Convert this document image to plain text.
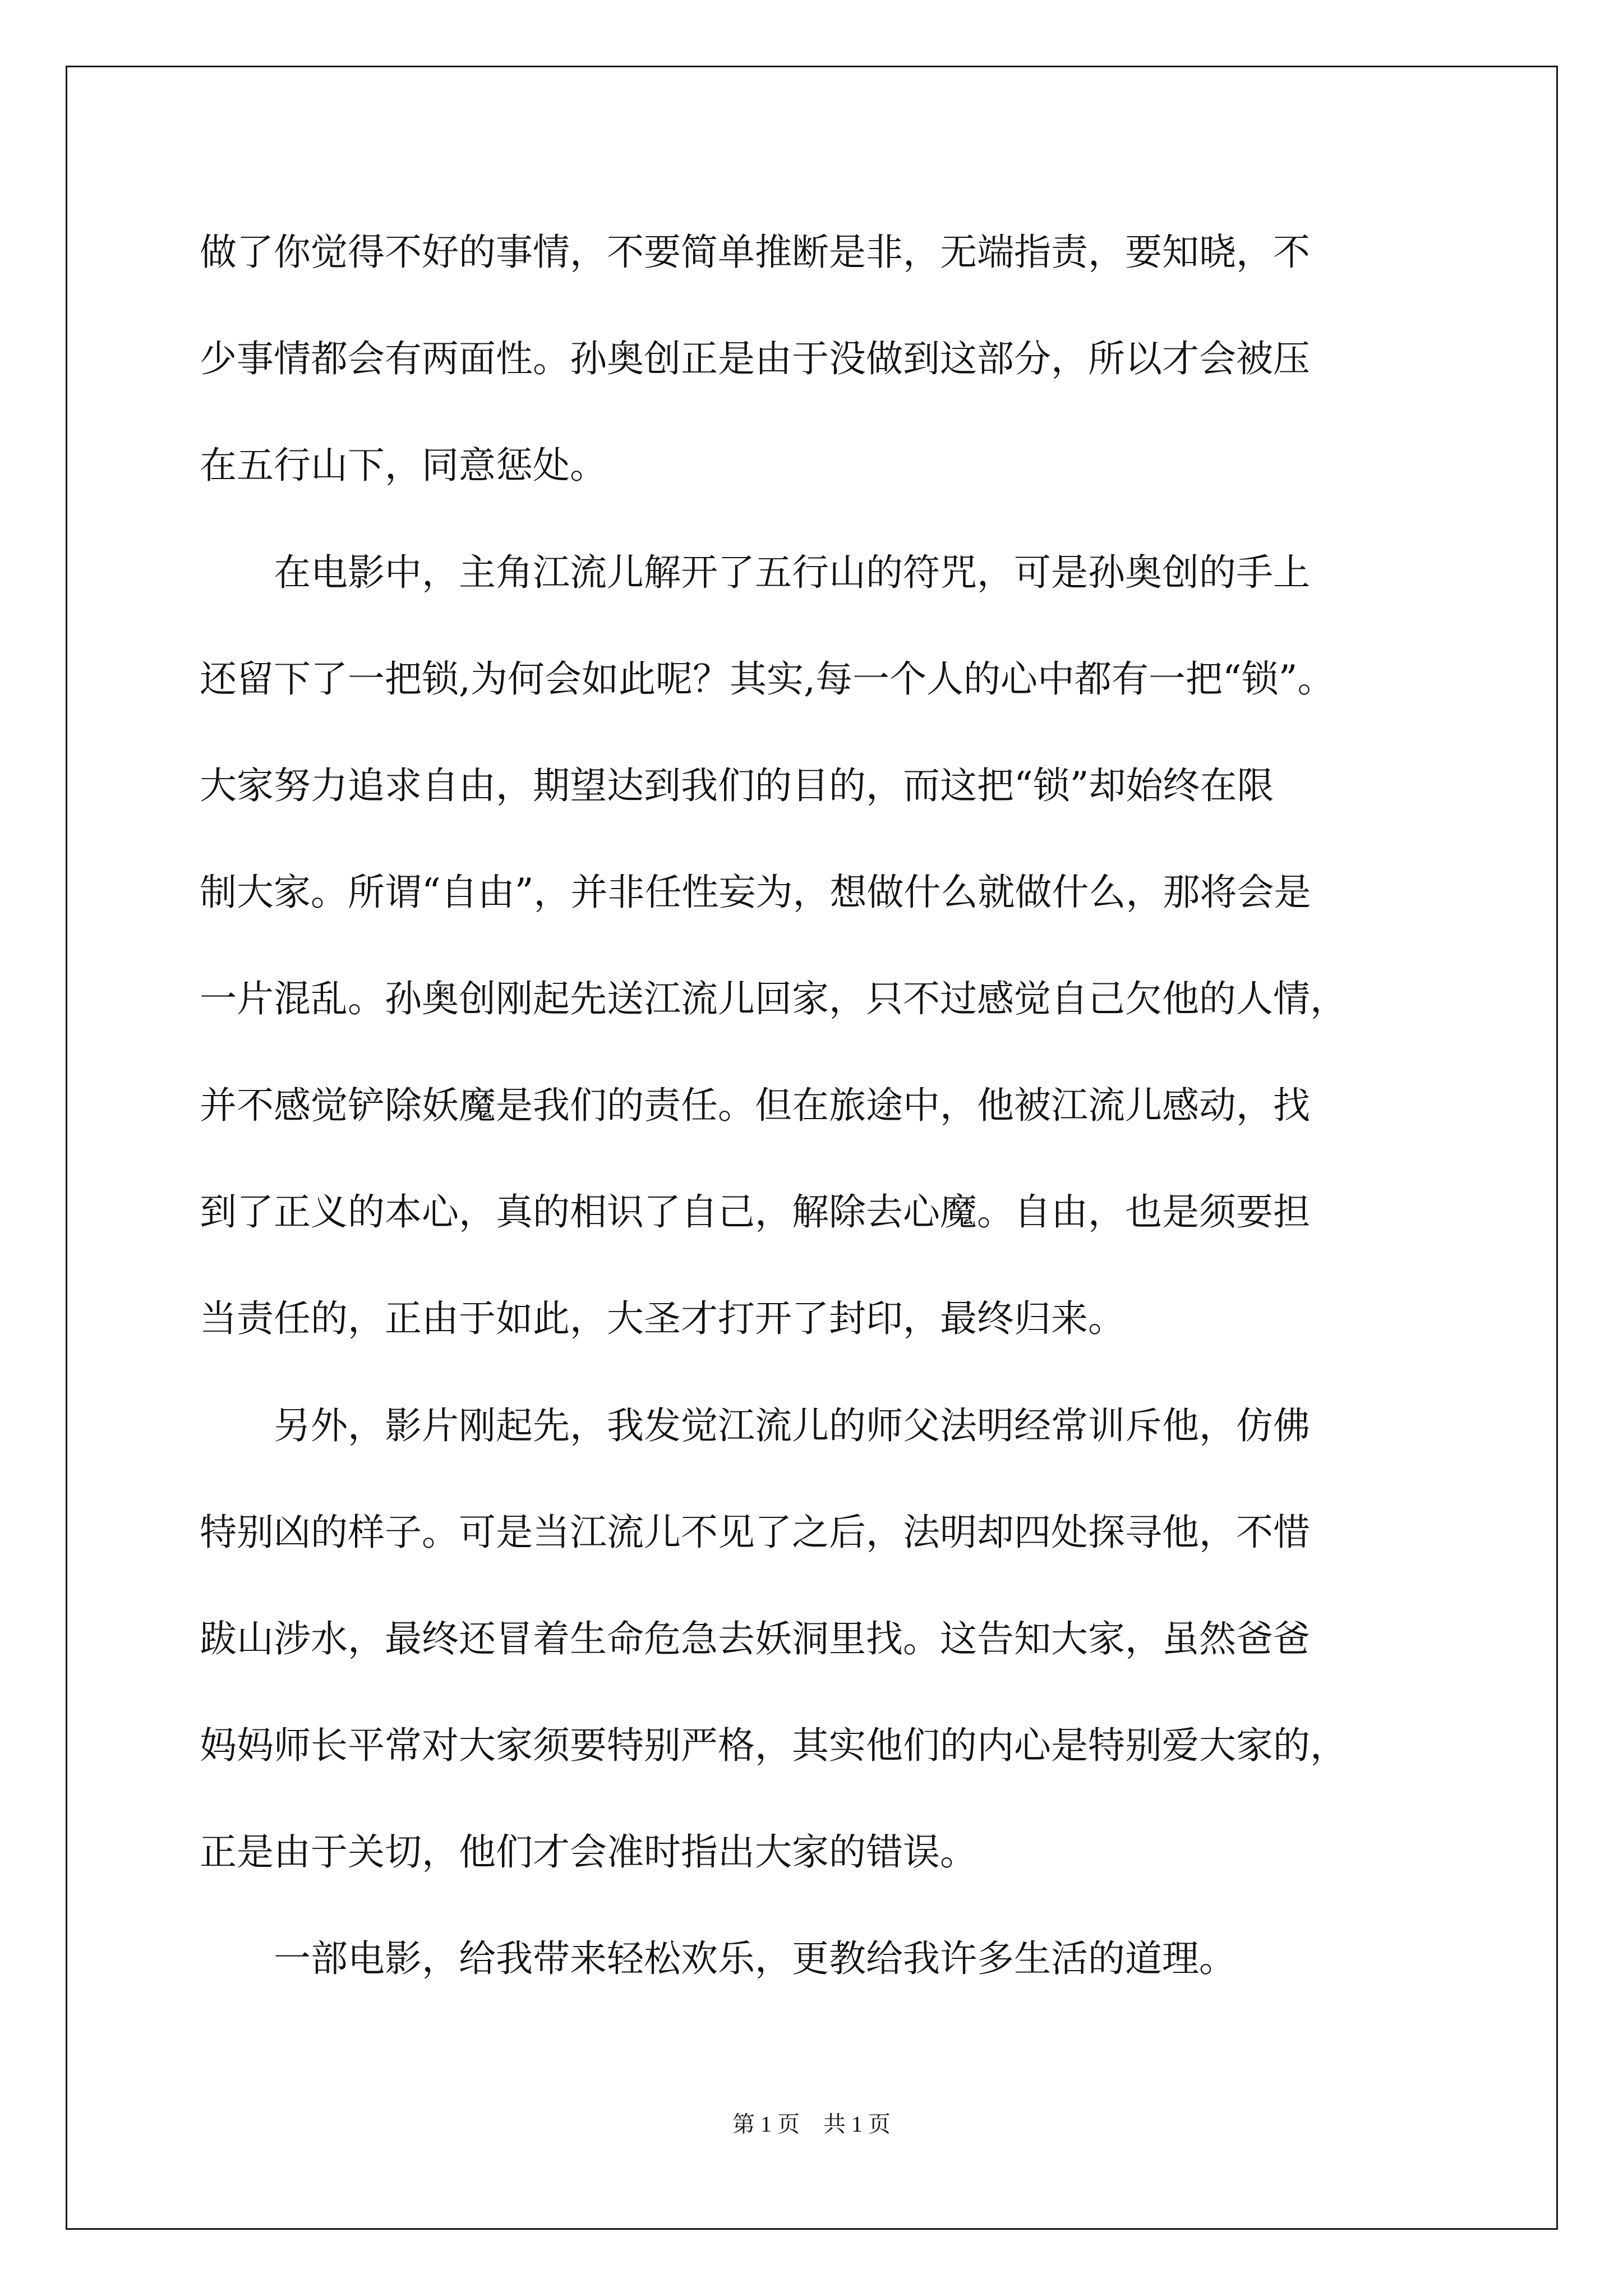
做了你觉得不好的事情，不要简单推断是非，无端指责，要知晓，不
少事情都会有两面性。孙奥创正是由于没做到这部分，所以才会被压
在五行山下，同意惩处。
　　在电影中，主角江流儿解开了五行山的符咒，可是孙奥创的手上
还留下了一把锁,为何会如此呢？其实,每一个人的心中都有一把“锁”。
大家努力追求自由，期望达到我们的目的，而这把“锁”却始终在限
制大家。所谓“自由”，并非任性妄为，想做什么就做什么，那将会是
一片混乱。孙奥创刚起先送江流儿回家，只不过感觉自己欠他的人情，
并不感觉铲除妖魔是我们的责任。但在旅途中，他被江流儿感动，找
到了正义的本心，真的相识了自己，解除去心魔。自由，也是须要担
当责任的，正由于如此，大圣才打开了封印，最终归来。
　　另外，影片刚起先，我发觉江流儿的师父法明经常训斥他，仿佛
特别凶的样子。可是当江流儿不见了之后，法明却四处探寻他，不惜
跋山涉水，最终还冒着生命危急去妖洞里找。这告知大家，虽然爸爸
妈妈师长平常对大家须要特别严格，其实他们的内心是特别爱大家的，
正是由于关切，他们才会准时指出大家的错误。
　　一部电影，给我带来轻松欢乐，更教给我许多生活的道理。
第 1 页 共 1 页
